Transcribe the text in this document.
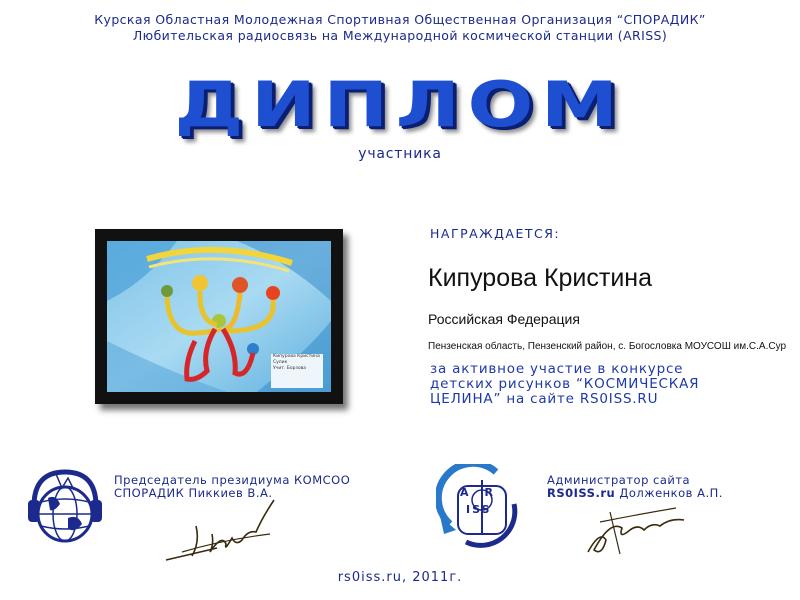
Курская Областная Молодежная Спортивная Общественная Организация “СПОРАДИК”
Любительская радиосвязь на Международной космической станции (ARISS)
ДИПЛОМ
участника
Кипурова Кристина
Сулик
Учит. Борзова
НАГРАЖДАЕТСЯ:
Кипурова Кристина
Российская Федерация
Пензенская область, Пензенский район, с. Богословка МОУСОШ им.С.А.Сур
за активное участие в конкурсе
детских рисунков “КОСМИЧЕСКАЯ
ЦЕЛИНА” на сайте RS0ISS.RU
Председатель президиума КОМСОО
СПОРАДИК Пиккиев В.А.	A R
ISS
Администратор сайта
RS0ISS.ru Долженков А.П.
rs0iss.ru, 2011г.
